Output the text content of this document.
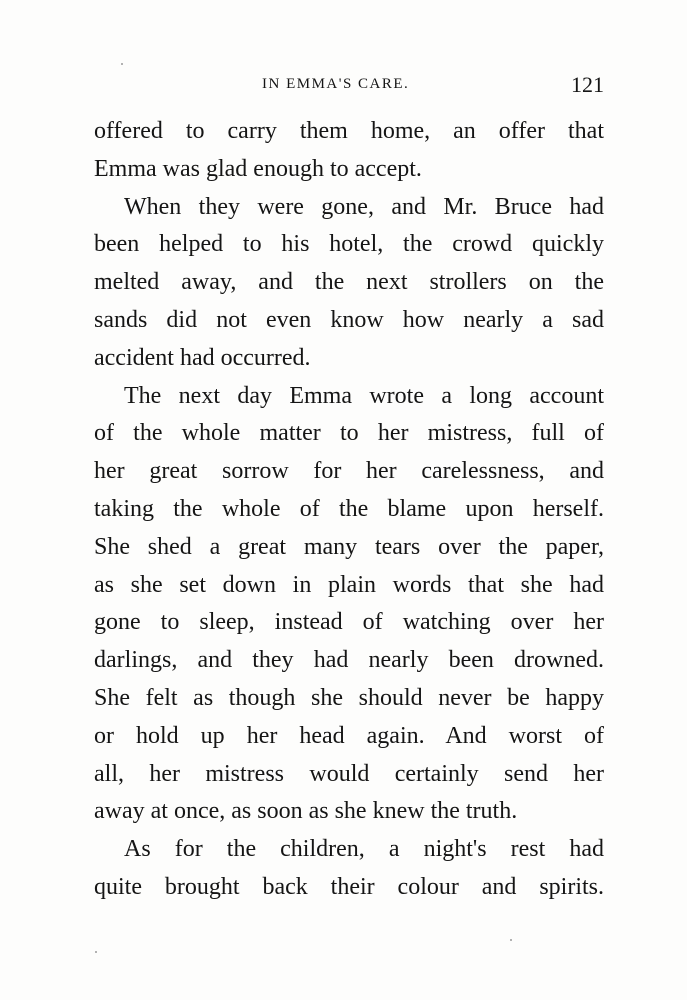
IN EMMA'S CARE.	121
offered to carry them home, an offer that
Emma was glad enough to accept.
When they were gone, and Mr. Bruce had
been helped to his hotel, the crowd quickly
melted away, and the next strollers on the
sands did not even know how nearly a sad
accident had occurred.
The next day Emma wrote a long account
of the whole matter to her mistress, full of
her great sorrow for her carelessness, and
taking the whole of the blame upon herself.
She shed a great many tears over the paper,
as she set down in plain words that she had
gone to sleep, instead of watching over her
darlings, and they had nearly been drowned.
She felt as though she should never be happy
or hold up her head again. And worst of
all, her mistress would certainly send her
away at once, as soon as she knew the truth.
As for the children, a night's rest had
quite brought back their colour and spirits.
